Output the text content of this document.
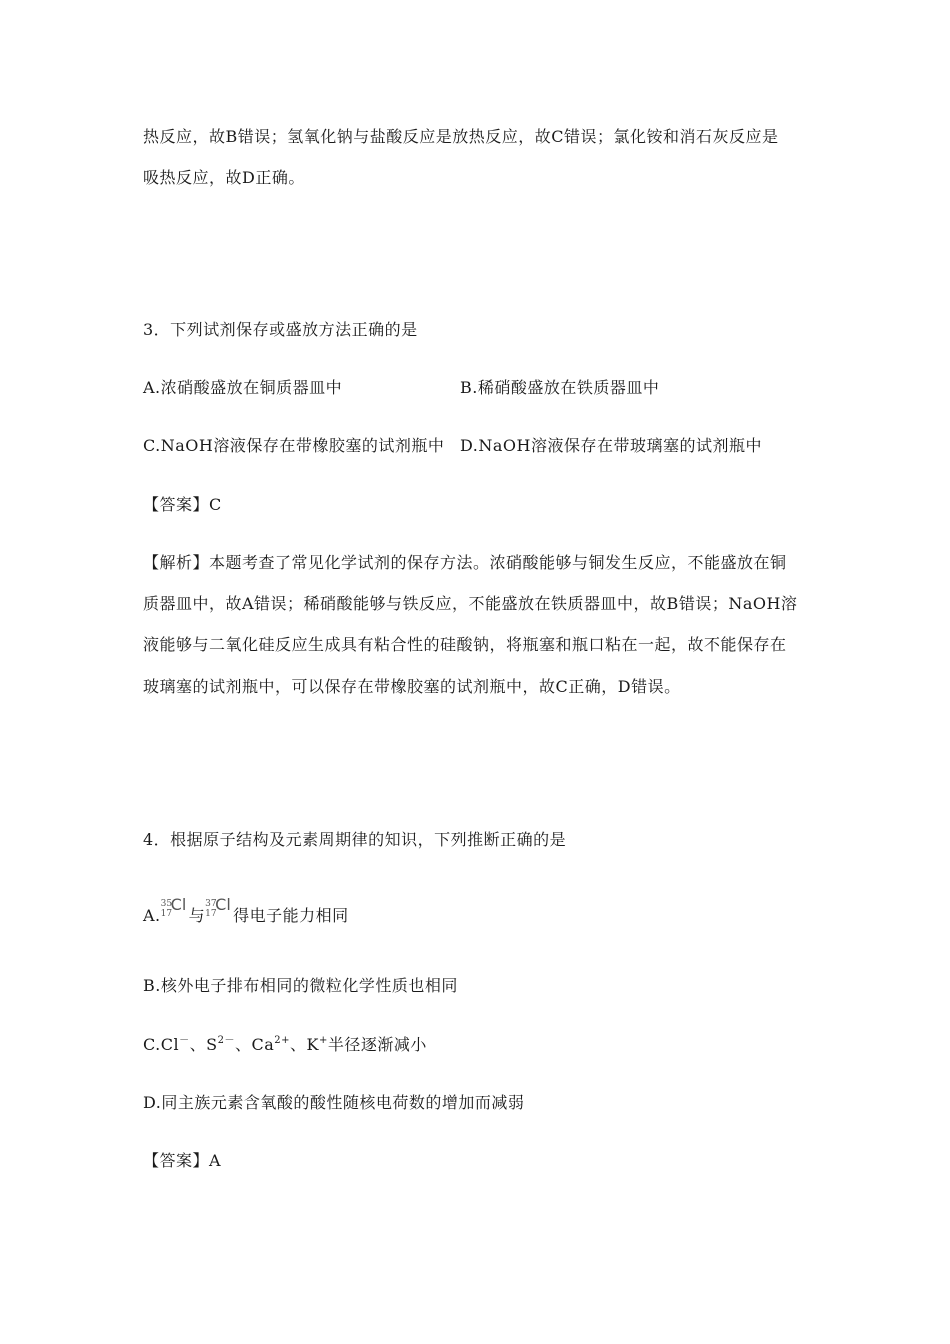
热反应，故B错误；氢氧化钠与盐酸反应是放热反应，故C错误；氯化铵和消石灰反应是
吸热反应，故D正确。
3．下列试剂保存或盛放方法正确的是
A.浓硝酸盛放在铜质器皿中	B.稀硝酸盛放在铁质器皿中
C.NaOH溶液保存在带橡胶塞的试剂瓶中 D.NaOH溶液保存在带玻璃塞的试剂瓶中
【答案】C
【解析】本题考查了常见化学试剂的保存方法。浓硝酸能够与铜发生反应，不能盛放在铜
质器皿中，故A错误；稀硝酸能够与铁反应，不能盛放在铁质器皿中，故B错误；NaOH溶
液能够与二氧化硅反应生成具有粘合性的硅酸钠，将瓶塞和瓶口粘在一起，故不能保存在
玻璃塞的试剂瓶中，可以保存在带橡胶塞的试剂瓶中，故C正确，D错误。
4．根据原子结构及元素周期律的知识，下列推断正确的是
A.
35
17
Cl
与
37
17
Cl
得电子能力相同
B.核外电子排布相同的微粒化学性质也相同
C.Cl－、$S^{2-}$、$Ca^{2+}$、K+半径逐渐减小
D.同主族元素含氧酸的酸性随核电荷数的增加而减弱
【答案】A
